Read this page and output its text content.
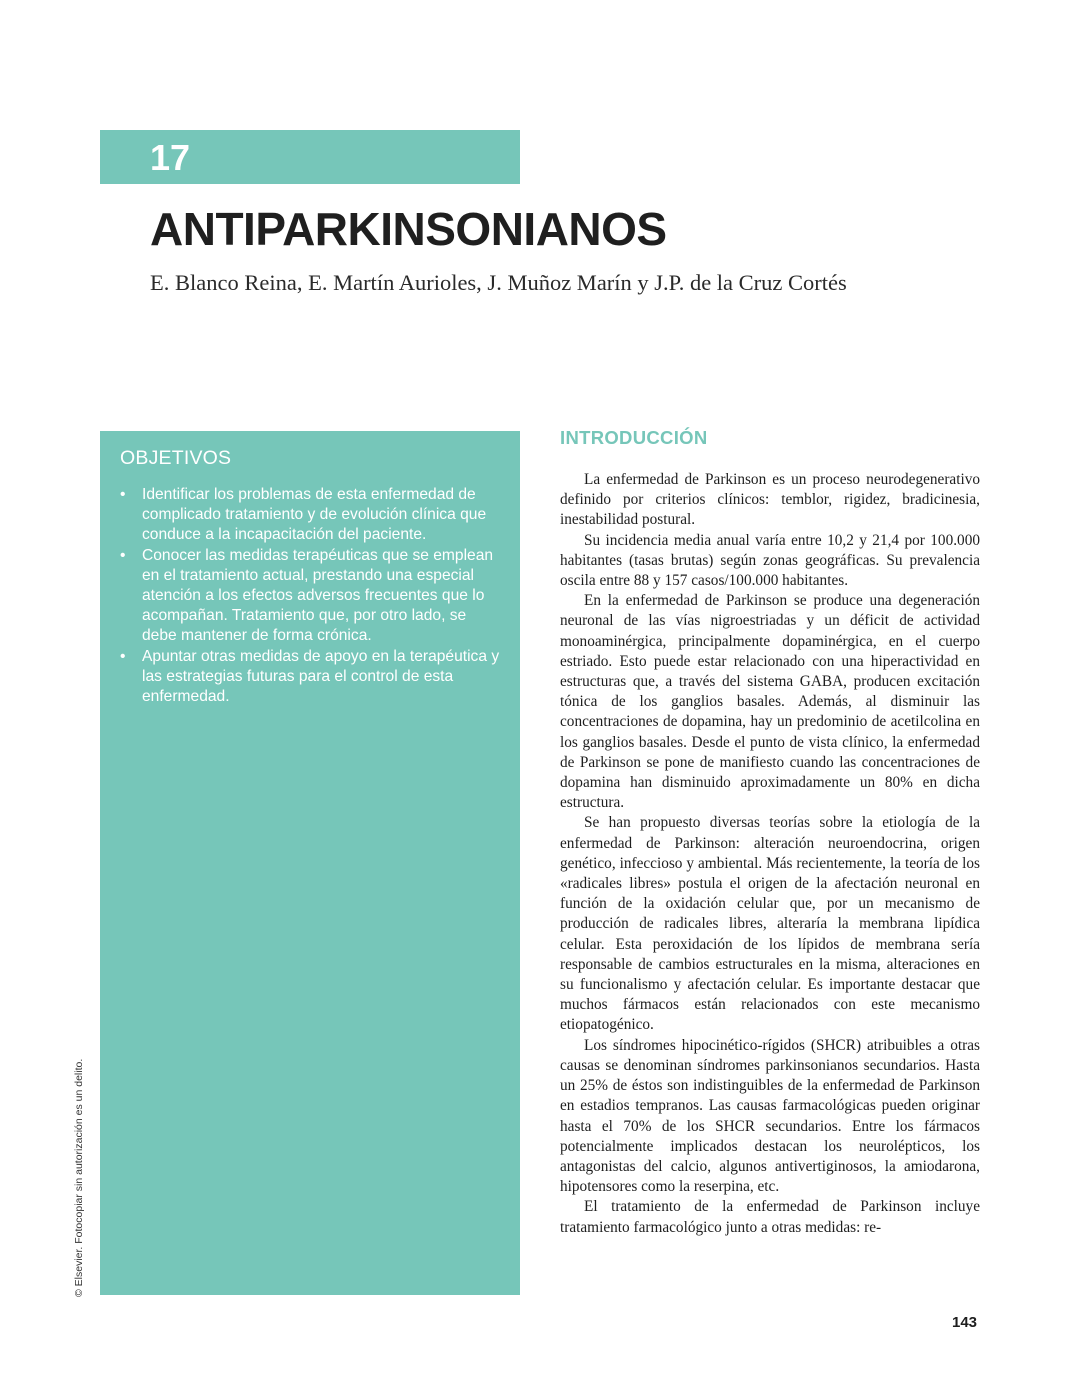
17
ANTIPARKINSONIANOS
E. Blanco Reina, E. Martín Aurioles, J. Muñoz Marín y J.P. de la Cruz Cortés
OBJETIVOS
• Identificar los problemas de esta enfermedad de complicado tratamiento y de evolución clínica que conduce a la incapacitación del paciente.
• Conocer las medidas terapéuticas que se emplean en el tratamiento actual, prestando una especial atención a los efectos adversos frecuentes que lo acompañan. Tratamiento que, por otro lado, se debe mantener de forma crónica.
• Apuntar otras medidas de apoyo en la terapéutica y las estrategias futuras para el control de esta enfermedad.
INTRODUCCIÓN

La enfermedad de Parkinson es un proceso neurodegenerativo definido por criterios clínicos: temblor, rigidez, bradicinesia, inestabilidad postural.

Su incidencia media anual varía entre 10,2 y 21,4 por 100.000 habitantes (tasas brutas) según zonas geográficas. Su prevalencia oscila entre 88 y 157 casos/100.000 habitantes.

En la enfermedad de Parkinson se produce una degeneración neuronal de las vías nigroestriadas y un déficit de actividad monoaminérgica, principalmente dopaminérgica, en el cuerpo estriado. Esto puede estar relacionado con una hiperactividad en estructuras que, a través del sistema GABA, producen excitación tónica de los ganglios basales. Además, al disminuir las concentraciones de dopamina, hay un predominio de acetilcolina en los ganglios basales. Desde el punto de vista clínico, la enfermedad de Parkinson se pone de manifiesto cuando las concentraciones de dopamina han disminuido aproximadamente un 80% en dicha estructura.

Se han propuesto diversas teorías sobre la etiología de la enfermedad de Parkinson: alteración neuroendocrina, origen genético, infeccioso y ambiental. Más recientemente, la teoría de los «radicales libres» postula el origen de la afectación neuronal en función de la oxidación celular que, por un mecanismo de producción de radicales libres, alteraría la membrana lipídica celular. Esta peroxidación de los lípidos de membrana sería responsable de cambios estructurales en la misma, alteraciones en su funcionalismo y afectación celular. Es importante destacar que muchos fármacos están relacionados con este mecanismo etiopatogénico.

Los síndromes hipocinético-rígidos (SHCR) atribuibles a otras causas se denominan síndromes parkinsonianos secundarios. Hasta un 25% de éstos son indistinguibles de la enfermedad de Parkinson en estadios tempranos. Las causas farmacológicas pueden originar hasta el 70% de los SHCR secundarios. Entre los fármacos potencialmente implicados destacan los neurolépticos, los antagonistas del calcio, algunos antivertiginosos, la amiodarona, hipotensores como la reserpina, etc.

El tratamiento de la enfermedad de Parkinson incluye tratamiento farmacológico junto a otras medidas: re-

© Elsevier. Fotocopiar sin autorización es un delito.
143
